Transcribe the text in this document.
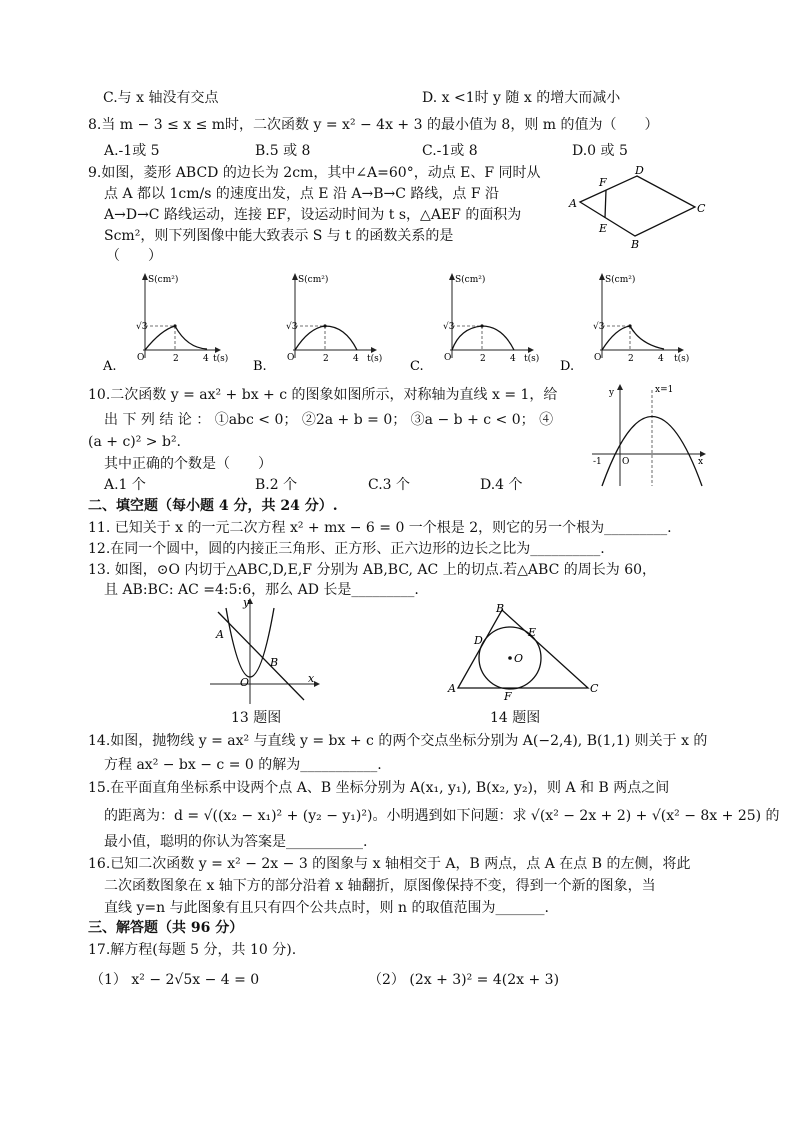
C.与 x 轴没有交点	D. x <1时 y 随 x 的增大而减小
8.当 m − 3 ≤ x ≤ m时，二次函数 y = x² − 4x + 3 的最小值为 8，则 m 的值为（　　）
A.-1或 5	B.5 或 8	C.-1或 8	D.0 或 5
9.如图，菱形 ABCD 的边长为 2cm，其中∠A=60°，动点 E、F 同时从
点 A 都以 1cm/s 的速度出发，点 E 沿 A→B→C 路线，点 F 沿
A→D→C 路线运动，连接 EF，设运动时间为 t s，△AEF 的面积为
Scm²，则下列图像中能大致表示 S 与 t 的函数关系的是
（　　）
A
B
C
D
E
F
S(cm²)
√3
O	2	4 t(s)
A.
S(cm²)
√3
O	2	4 t(s)
B.
S(cm²)
√3
O	2	4 t(s)
C.
S(cm²)
√3
O	2	4 t(s)
D.
10.二次函数 y = ax² + bx + c 的图象如图所示，对称轴为直线 x = 1，给
出 下 列 结 论 ： ①abc < 0； ②2a + b = 0； ③a − b + c < 0； ④
(a + c)² > b².
其中正确的个数是（　　）
A.1 个	B.2 个	C.3 个	D.4 个
y	x=1
-1 O	x
二、填空题（每小题 4 分，共 24 分）.
11. 已知关于 x 的一元二次方程 x² + mx − 6 = 0 一个根是 2，则它的另一个根为_________.
12.在同一个圆中，圆的内接正三角形、正方形、正六边形的边长之比为__________.
13. 如图，⊙O 内切于△ABC,D,E,F 分别为 AB,BC, AC 上的切点.若△ABC 的周长为 60，
且 AB:BC: AC =4:5:6，那么 AD 长是_________.
y
A
B
O	x
B
D
E
O
A
F
C
13 题图	14 题图
14.如图，抛物线 y = ax² 与直线 y = bx + c 的两个交点坐标分别为 A(−2,4), B(1,1) 则关于 x 的
方程 ax² − bx − c = 0 的解为___________.
15.在平面直角坐标系中设两个点 A、B 坐标分别为 A(x₁, y₁), B(x₂, y₂)，则 A 和 B 两点之间
的距离为：d = √((x₂ − x₁)² + (y₂ − y₁)²)。小明遇到如下问题：求 √(x² − 2x + 2) + √(x² − 8x + 25) 的
最小值，聪明的你认为答案是___________.
16.已知二次函数 y = x² − 2x − 3 的图象与 x 轴相交于 A，B 两点，点 A 在点 B 的左侧，将此
二次函数图象在 x 轴下方的部分沿着 x 轴翻折，原图像保持不变，得到一个新的图象，当
直线 y=n 与此图象有且只有四个公共点时，则 n 的取值范围为_______.
三、解答题（共 96 分）
17.解方程(每题 5 分，共 10 分).
（1） x² − 2√5x − 4 = 0	（2） (2x + 3)² = 4(2x + 3)
